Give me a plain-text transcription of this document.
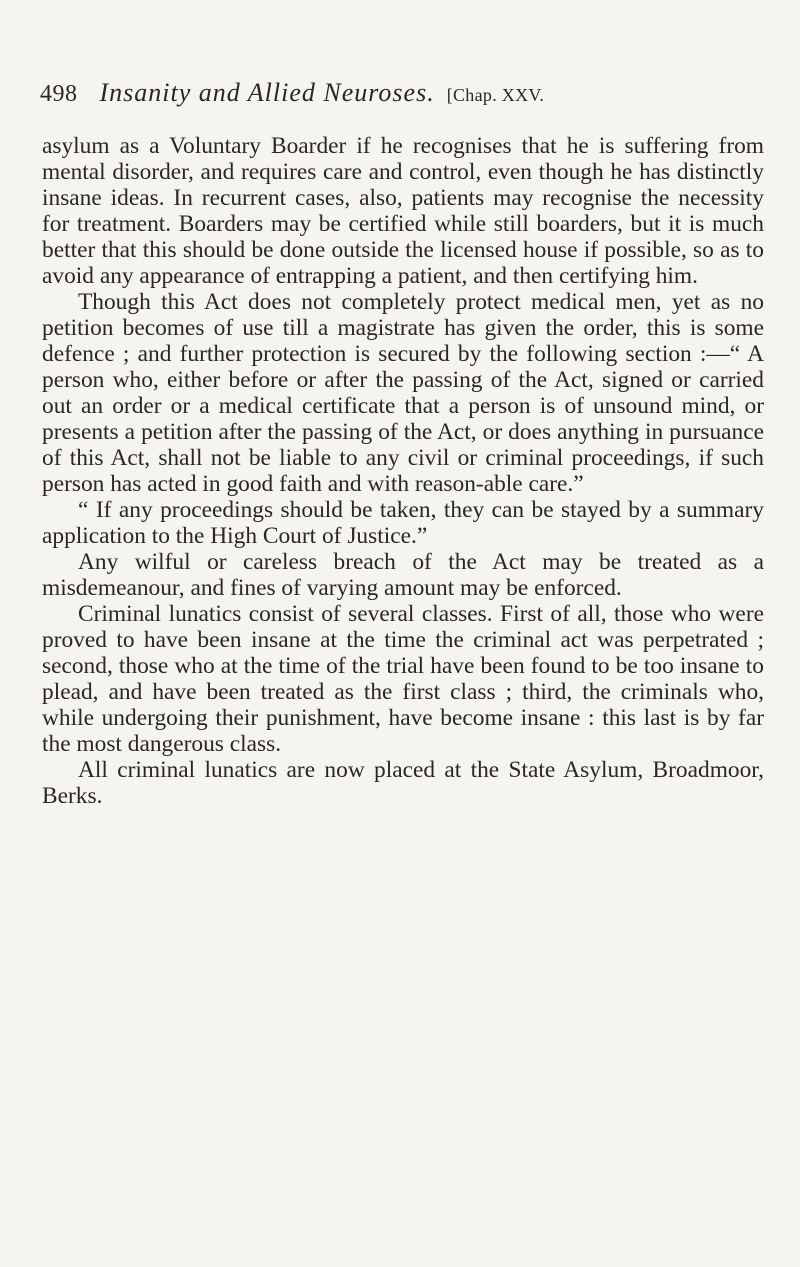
498 Insanity and Allied Neuroses. [Chap. XXV.

asylum as a Voluntary Boarder if he recognises that he is suffering from mental disorder, and requires care and control, even though he has distinctly insane ideas. In recurrent cases, also, patients may recognise the necessity for treatment. Boarders may be certified while still boarders, but it is much better that this should be done outside the licensed house if possible, so as to avoid any appearance of entrapping a patient, and then certifying him.

Though this Act does not completely protect medical men, yet as no petition becomes of use till a magistrate has given the order, this is some defence ; and further protection is secured by the following section :—“ A person who, either before or after the passing of the Act, signed or carried out an order or a medical certificate that a person is of unsound mind, or presents a petition after the passing of the Act, or does anything in pursuance of this Act, shall not be liable to any civil or criminal proceedings, if such person has acted in good faith and with reason-able care.”

“ If any proceedings should be taken, they can be stayed by a summary application to the High Court of Justice.”

Any wilful or careless breach of the Act may be treated as a misdemeanour, and fines of varying amount may be enforced.

Criminal lunatics consist of several classes. First of all, those who were proved to have been insane at the time the criminal act was perpetrated ; second, those who at the time of the trial have been found to be too insane to plead, and have been treated as the first class ; third, the criminals who, while undergoing their punishment, have become insane : this last is by far the most dangerous class.

All criminal lunatics are now placed at the State Asylum, Broadmoor, Berks.
